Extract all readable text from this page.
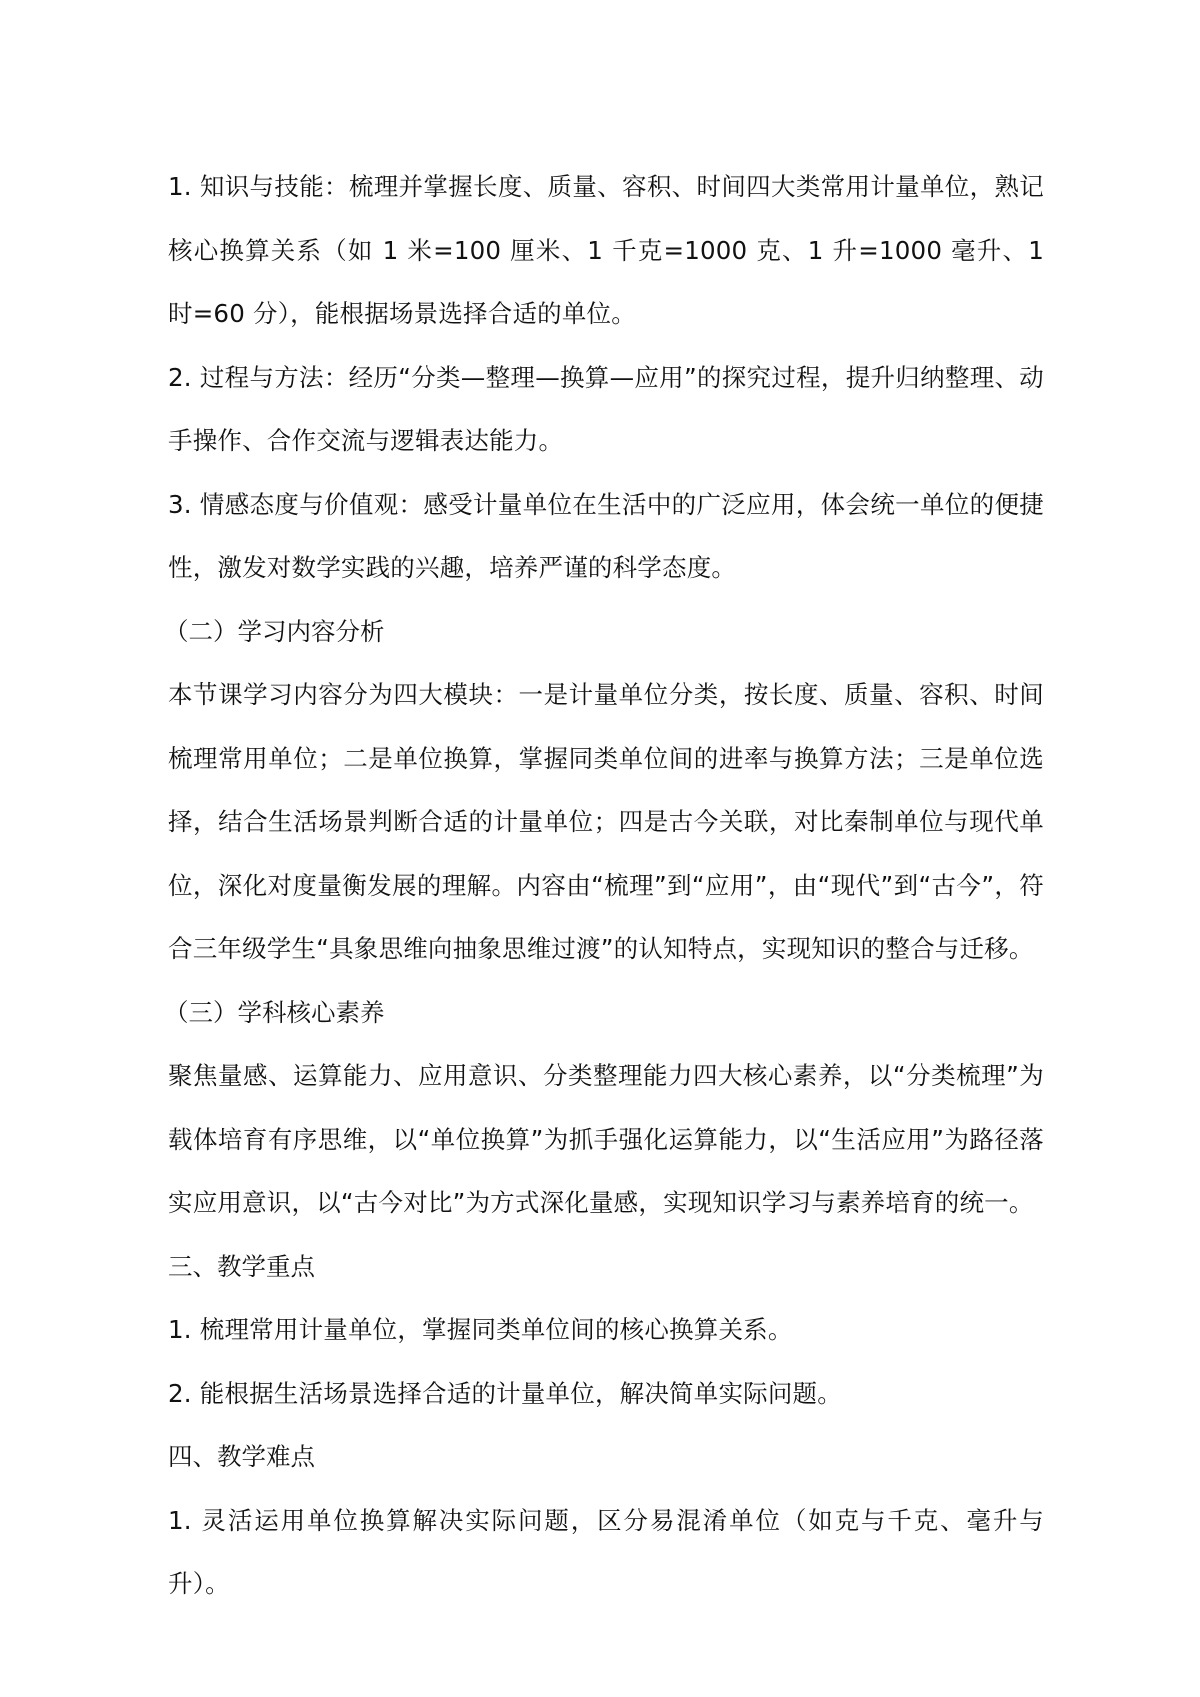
1. 知识与技能：梳理并掌握长度、质量、容积、时间四大类常用计量单位，熟记核心换算关系（如 1 米=100 厘米、1 千克=1000 克、1 升=1000 毫升、1 时=60 分），能根据场景选择合适的单位。

2. 过程与方法：经历“分类—整理—换算—应用”的探究过程，提升归纳整理、动手操作、合作交流与逻辑表达能力。

3. 情感态度与价值观：感受计量单位在生活中的广泛应用，体会统一单位的便捷性，激发对数学实践的兴趣，培养严谨的科学态度。

（二）学习内容分析

本节课学习内容分为四大模块：一是计量单位分类，按长度、质量、容积、时间梳理常用单位；二是单位换算，掌握同类单位间的进率与换算方法；三是单位选择，结合生活场景判断合适的计量单位；四是古今关联，对比秦制单位与现代单位，深化对度量衡发展的理解。内容由“梳理”到“应用”，由“现代”到“古今”，符合三年级学生“具象思维向抽象思维过渡”的认知特点，实现知识的整合与迁移。

（三）学科核心素养

聚焦量感、运算能力、应用意识、分类整理能力四大核心素养，以“分类梳理”为载体培育有序思维，以“单位换算”为抓手强化运算能力，以“生活应用”为路径落实应用意识，以“古今对比”为方式深化量感，实现知识学习与素养培育的统一。

三、教学重点

1. 梳理常用计量单位，掌握同类单位间的核心换算关系。

2. 能根据生活场景选择合适的计量单位，解决简单实际问题。

四、教学难点

1. 灵活运用单位换算解决实际问题，区分易混淆单位（如克与千克、毫升与升）。
